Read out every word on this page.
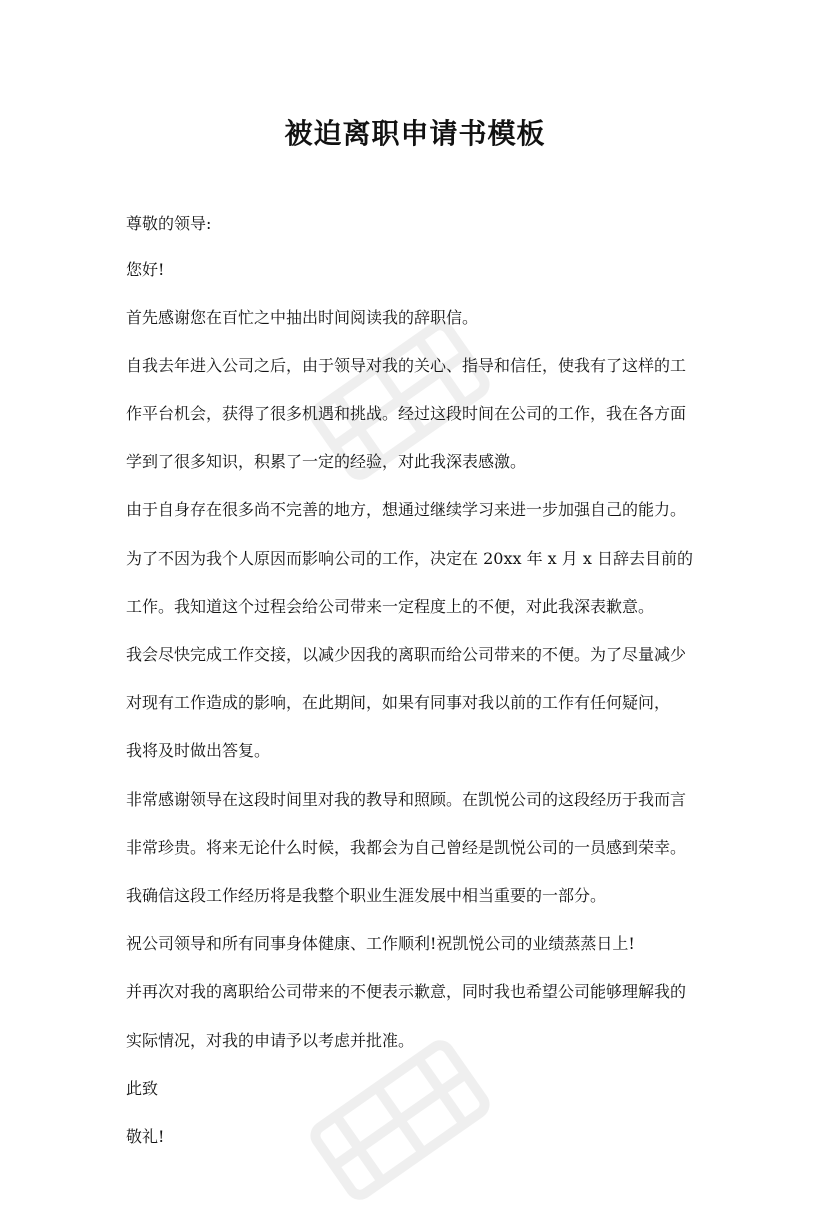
被迫离职申请书模板
尊敬的领导:
您好!
首先感谢您在百忙之中抽出时间阅读我的辞职信。
自我去年进入公司之后，由于领导对我的关心、指导和信任，使我有了这样的工
作平台机会，获得了很多机遇和挑战。经过这段时间在公司的工作，我在各方面
学到了很多知识，积累了一定的经验，对此我深表感激。
由于自身存在很多尚不完善的地方，想通过继续学习来进一步加强自己的能力。
为了不因为我个人原因而影响公司的工作，决定在 20xx 年 x 月 x 日辞去目前的
工作。我知道这个过程会给公司带来一定程度上的不便，对此我深表歉意。
我会尽快完成工作交接，以减少因我的离职而给公司带来的不便。为了尽量减少
对现有工作造成的影响，在此期间，如果有同事对我以前的工作有任何疑问，
我将及时做出答复。
非常感谢领导在这段时间里对我的教导和照顾。在凯悦公司的这段经历于我而言
非常珍贵。将来无论什么时候，我都会为自己曾经是凯悦公司的一员感到荣幸。
我确信这段工作经历将是我整个职业生涯发展中相当重要的一部分。
祝公司领导和所有同事身体健康、工作顺利!祝凯悦公司的业绩蒸蒸日上!
并再次对我的离职给公司带来的不便表示歉意，同时我也希望公司能够理解我的
实际情况，对我的申请予以考虑并批准。
此致
敬礼!
